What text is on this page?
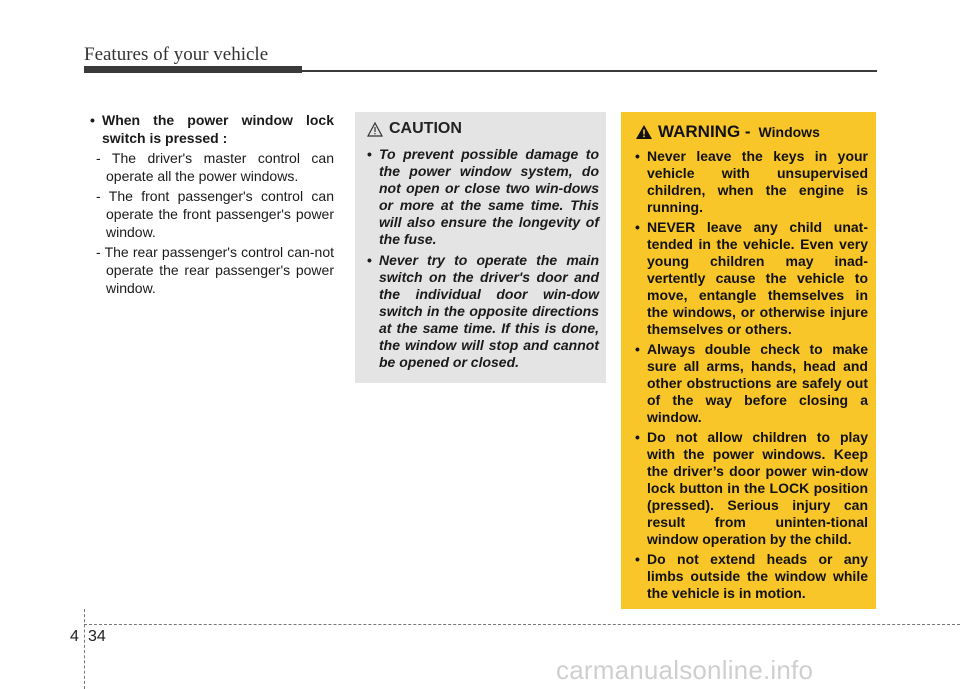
Features of your vehicle
• When the power window lock switch is pressed :
- The driver's master control can operate all the power windows.
- The front passenger's control can operate the front passenger's power window.
- The rear passenger's control can-not operate the rear passenger's power window.
CAUTION
• To prevent possible damage to the power window system, do not open or close two win-dows or more at the same time. This will also ensure the longevity of the fuse.
• Never try to operate the main switch on the driver's door and the individual door win-dow switch in the opposite directions at the same time. If this is done, the window will stop and cannot be opened or closed.
WARNING - Windows
• Never leave the keys in your vehicle with unsupervised children, when the engine is running.
• NEVER leave any child unat-tended in the vehicle. Even very young children may inad-vertently cause the vehicle to move, entangle themselves in the windows, or otherwise injure themselves or others.
• Always double check to make sure all arms, hands, head and other obstructions are safely out of the way before closing a window.
• Do not allow children to play with the power windows. Keep the driver’s door power win-dow lock button in the LOCK position (pressed). Serious injury can result from uninten-tional window operation by the child.
• Do not extend heads or any limbs outside the window while the vehicle is in motion.
4 34
carmanualsonline.info
